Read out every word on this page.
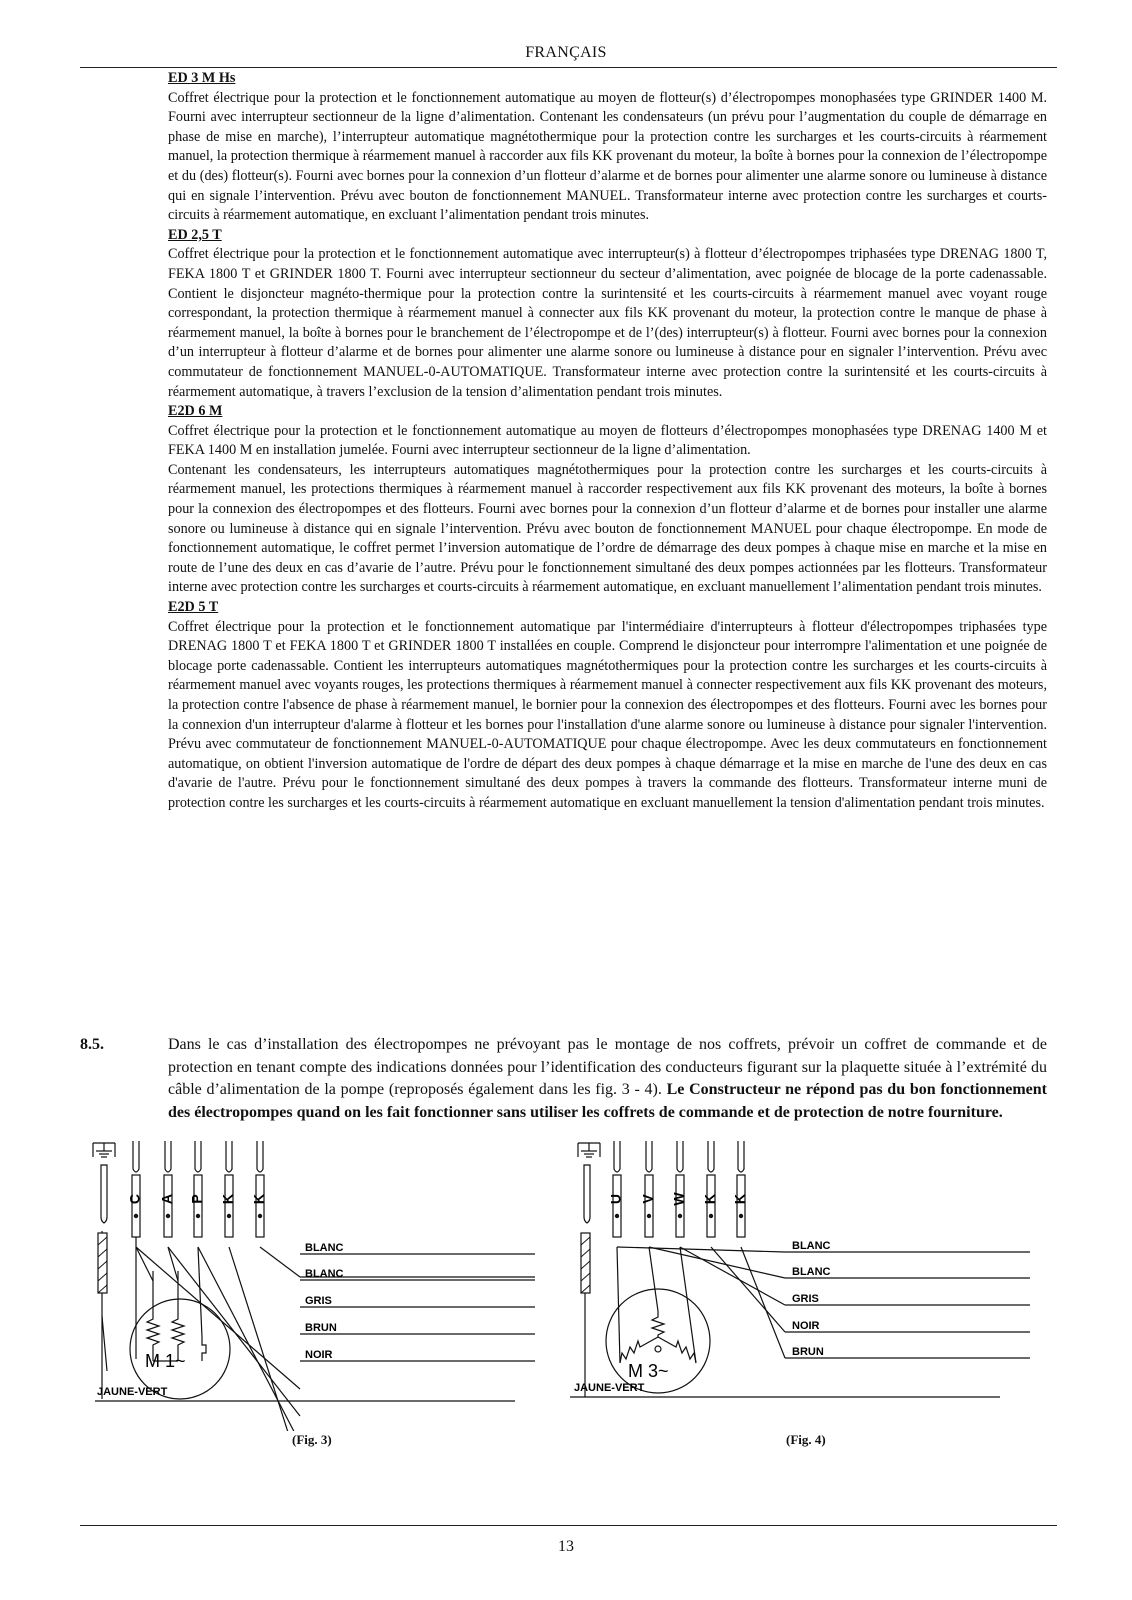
FRANÇAIS

ED 3 M Hs

Coffret électrique pour la protection et le fonctionnement automatique au moyen de flotteur(s) d’électropompes monophasées type GRINDER 1400 M. Fourni avec interrupteur sectionneur de la ligne d’alimentation. Contenant les condensateurs (un prévu pour l’augmentation du couple de démarrage en phase de mise en marche), l’interrupteur automatique magnétothermique pour la protection contre les surcharges et les courts-circuits à réarmement manuel, la protection thermique à réarmement manuel à raccorder aux fils KK provenant du moteur, la boîte à bornes pour la connexion de l’électropompe et du (des) flotteur(s). Fourni avec bornes pour la connexion d’un flotteur d’alarme et de bornes pour alimenter une alarme sonore ou lumineuse à distance qui en signale l’intervention. Prévu avec bouton de fonctionnement MANUEL. Transformateur interne avec protection contre les surcharges et courts-circuits à réarmement automatique, en excluant l’alimentation pendant trois minutes.

ED 2,5 T

Coffret électrique pour la protection et le fonctionnement automatique avec interrupteur(s) à flotteur d’électropompes triphasées type DRENAG 1800 T, FEKA 1800 T et GRINDER 1800 T. Fourni avec interrupteur sectionneur du secteur d’alimentation, avec poignée de blocage de la porte cadenassable. Contient le disjoncteur magnéto-thermique pour la protection contre la surintensité et les courts-circuits à réarmement manuel avec voyant rouge correspondant, la protection thermique à réarmement manuel à connecter aux fils KK provenant du moteur, la protection contre le manque de phase à réarmement manuel, la boîte à bornes pour le branchement de l’électropompe et de l’(des) interrupteur(s) à flotteur. Fourni avec bornes pour la connexion d’un interrupteur à flotteur d’alarme et de bornes pour alimenter une alarme sonore ou lumineuse à distance pour en signaler l’intervention. Prévu avec commutateur de fonctionnement MANUEL-0-AUTOMATIQUE. Transformateur interne avec protection contre la surintensité et les courts-circuits à réarmement automatique, à travers l’exclusion de la tension d’alimentation pendant trois minutes.

E2D 6 M

Coffret électrique pour la protection et le fonctionnement automatique au moyen de flotteurs d’électropompes monophasées type DRENAG 1400 M et FEKA 1400 M en installation jumelée. Fourni avec interrupteur sectionneur de la ligne d’alimentation.

Contenant les condensateurs, les interrupteurs automatiques magnétothermiques pour la protection contre les surcharges et les courts-circuits à réarmement manuel, les protections thermiques à réarmement manuel à raccorder respectivement aux fils KK provenant des moteurs, la boîte à bornes pour la connexion des électropompes et des flotteurs. Fourni avec bornes pour la connexion d’un flotteur d’alarme et de bornes pour installer une alarme sonore ou lumineuse à distance qui en signale l’intervention. Prévu avec bouton de fonctionnement MANUEL pour chaque électropompe. En mode de fonctionnement automatique, le coffret permet l’inversion automatique de l’ordre de démarrage des deux pompes à chaque mise en marche et la mise en route de l’une des deux en cas d’avarie de l’autre. Prévu pour le fonctionnement simultané des deux pompes actionnées par les flotteurs. Transformateur interne avec protection contre les surcharges et courts-circuits à réarmement automatique, en excluant manuellement l’alimentation pendant trois minutes.

E2D 5 T

Coffret électrique pour la protection et le fonctionnement automatique par l'intermédiaire d'interrupteurs à flotteur d'électropompes triphasées type DRENAG 1800 T et FEKA 1800 T et GRINDER 1800 T installées en couple. Comprend le disjoncteur pour interrompre l'alimentation et une poignée de blocage porte cadenassable. Contient les interrupteurs automatiques magnétothermiques pour la protection contre les surcharges et les courts-circuits à réarmement manuel avec voyants rouges, les protections thermiques à réarmement manuel à connecter respectivement aux fils KK provenant des moteurs, la protection contre l'absence de phase à réarmement manuel, le bornier pour la connexion des électropompes et des flotteurs. Fourni avec les bornes pour la connexion d'un interrupteur d'alarme à flotteur et les bornes pour l'installation d'une alarme sonore ou lumineuse à distance pour signaler l'intervention. Prévu avec commutateur de fonctionnement MANUEL-0-AUTOMATIQUE pour chaque électropompe. Avec les deux commutateurs en fonctionnement automatique, on obtient l'inversion automatique de l'ordre de départ des deux pompes à chaque démarrage et la mise en marche de l'une des deux en cas d'avarie de l'autre. Prévu pour le fonctionnement simultané des deux pompes à travers la commande des flotteurs. Transformateur interne muni de protection contre les surcharges et les courts-circuits à réarmement automatique en excluant manuellement la tension d'alimentation pendant trois minutes.

8.5.	Dans le cas d’installation des électropompes ne prévoyant pas le montage de nos coffrets, prévoir un coffret de commande et de protection en tenant compte des indications données pour l’identification des conducteurs figurant sur la plaquette située à l’extrémité du câble d’alimentation de la pompe (reproposés également dans les fig. 3 - 4). Le Constructeur ne répond pas du bon fonctionnement des électropompes quand on les fait fonctionner sans utiliser les coffrets de commande et de protection de notre fourniture.
C A P K K
BLANC
BLANC
GRIS
BRUN
NOIR
JAUNE-VERT
M 1~
(Fig. 3)
U V W K K
BLANC
BLANC
GRIS
NOIR
BRUN
JAUNE-VERT
M 3~
(Fig. 4)
13
